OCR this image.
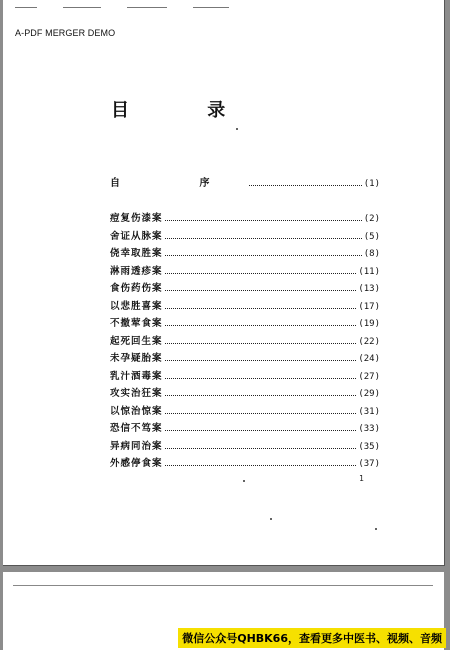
A-PDF MERGER DEMO
目 录
自 序	(1)
痘复伤漆案	(2)
舍证从脉案	(5)
侥幸取胜案	(8)
淋雨透疹案	(11)
食伤药伤案	(13)
以悲胜喜案	(17)
不撤荤食案	(19)
起死回生案	(22)
未孕疑胎案	(24)
乳汁酒毒案	(27)
攻实治狂案	(29)
以惊治惊案	(31)
恐信不笃案	(33)
异病同治案	(35)
外感停食案	(37)
1
微信公众号QHBK66，查看更多中医书、视频、音频
